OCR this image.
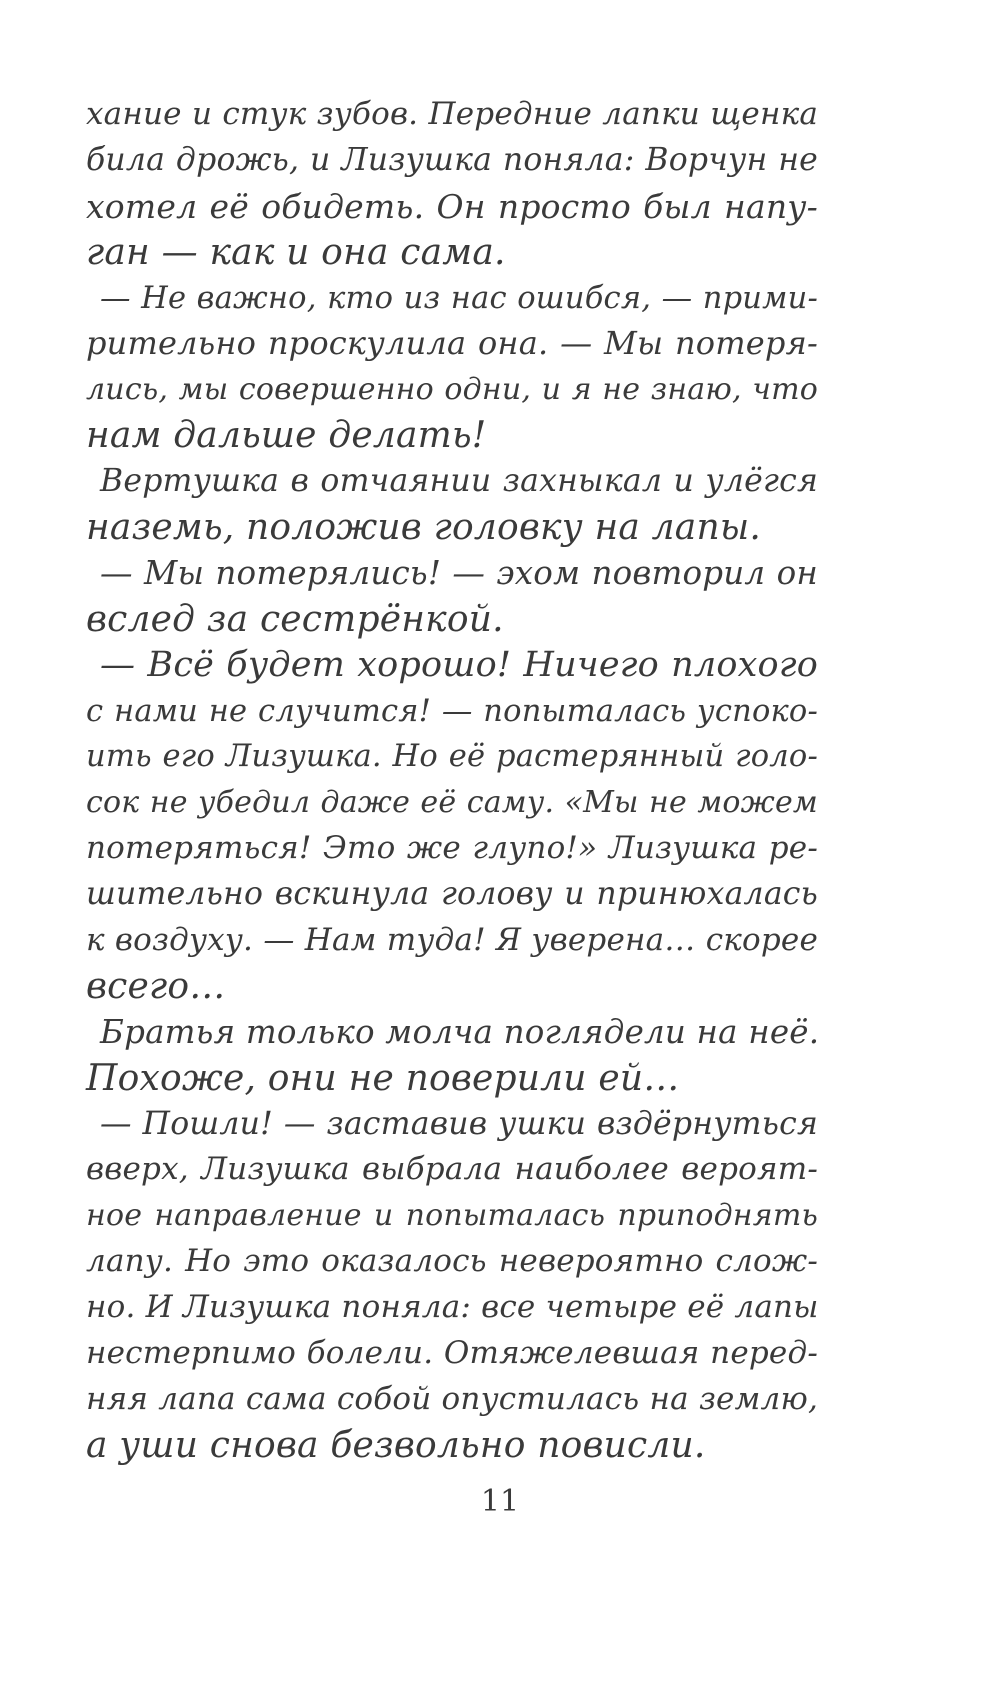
хание и стук зубов. Передние лапки щенка
била дрожь, и Лизушка поняла: Ворчун не
хотел её обидеть. Он просто был напу-
ган — как и она сама.
— Не важно, кто из нас ошибся, — прими-
рительно проскулила она. — Мы потеря-
лись, мы совершенно одни, и я не знаю, что
нам дальше делать!
Вертушка в отчаянии захныкал и улёгся
наземь, положив головку на лапы.
— Мы потерялись! — эхом повторил он
вслед за сестрёнкой.
— Всё будет хорошо! Ничего плохого
с нами не случится! — попыталась успоко-
ить его Лизушка. Но её растерянный голо-
сок не убедил даже её саму. «Мы не можем
потеряться! Это же глупо!» Лизушка ре-
шительно вскинула голову и принюхалась
к воздуху. — Нам туда! Я уверена… скорее
всего…
Братья только молча поглядели на неё.
Похоже, они не поверили ей…
— Пошли! — заставив ушки вздёрнуться
вверх, Лизушка выбрала наиболее вероят-
ное направление и попыталась приподнять
лапу. Но это оказалось невероятно слож-
но. И Лизушка поняла: все четыре её лапы
нестерпимо болели. Отяжелевшая перед-
няя лапа сама собой опустилась на землю,
а уши снова безвольно повисли.
11
